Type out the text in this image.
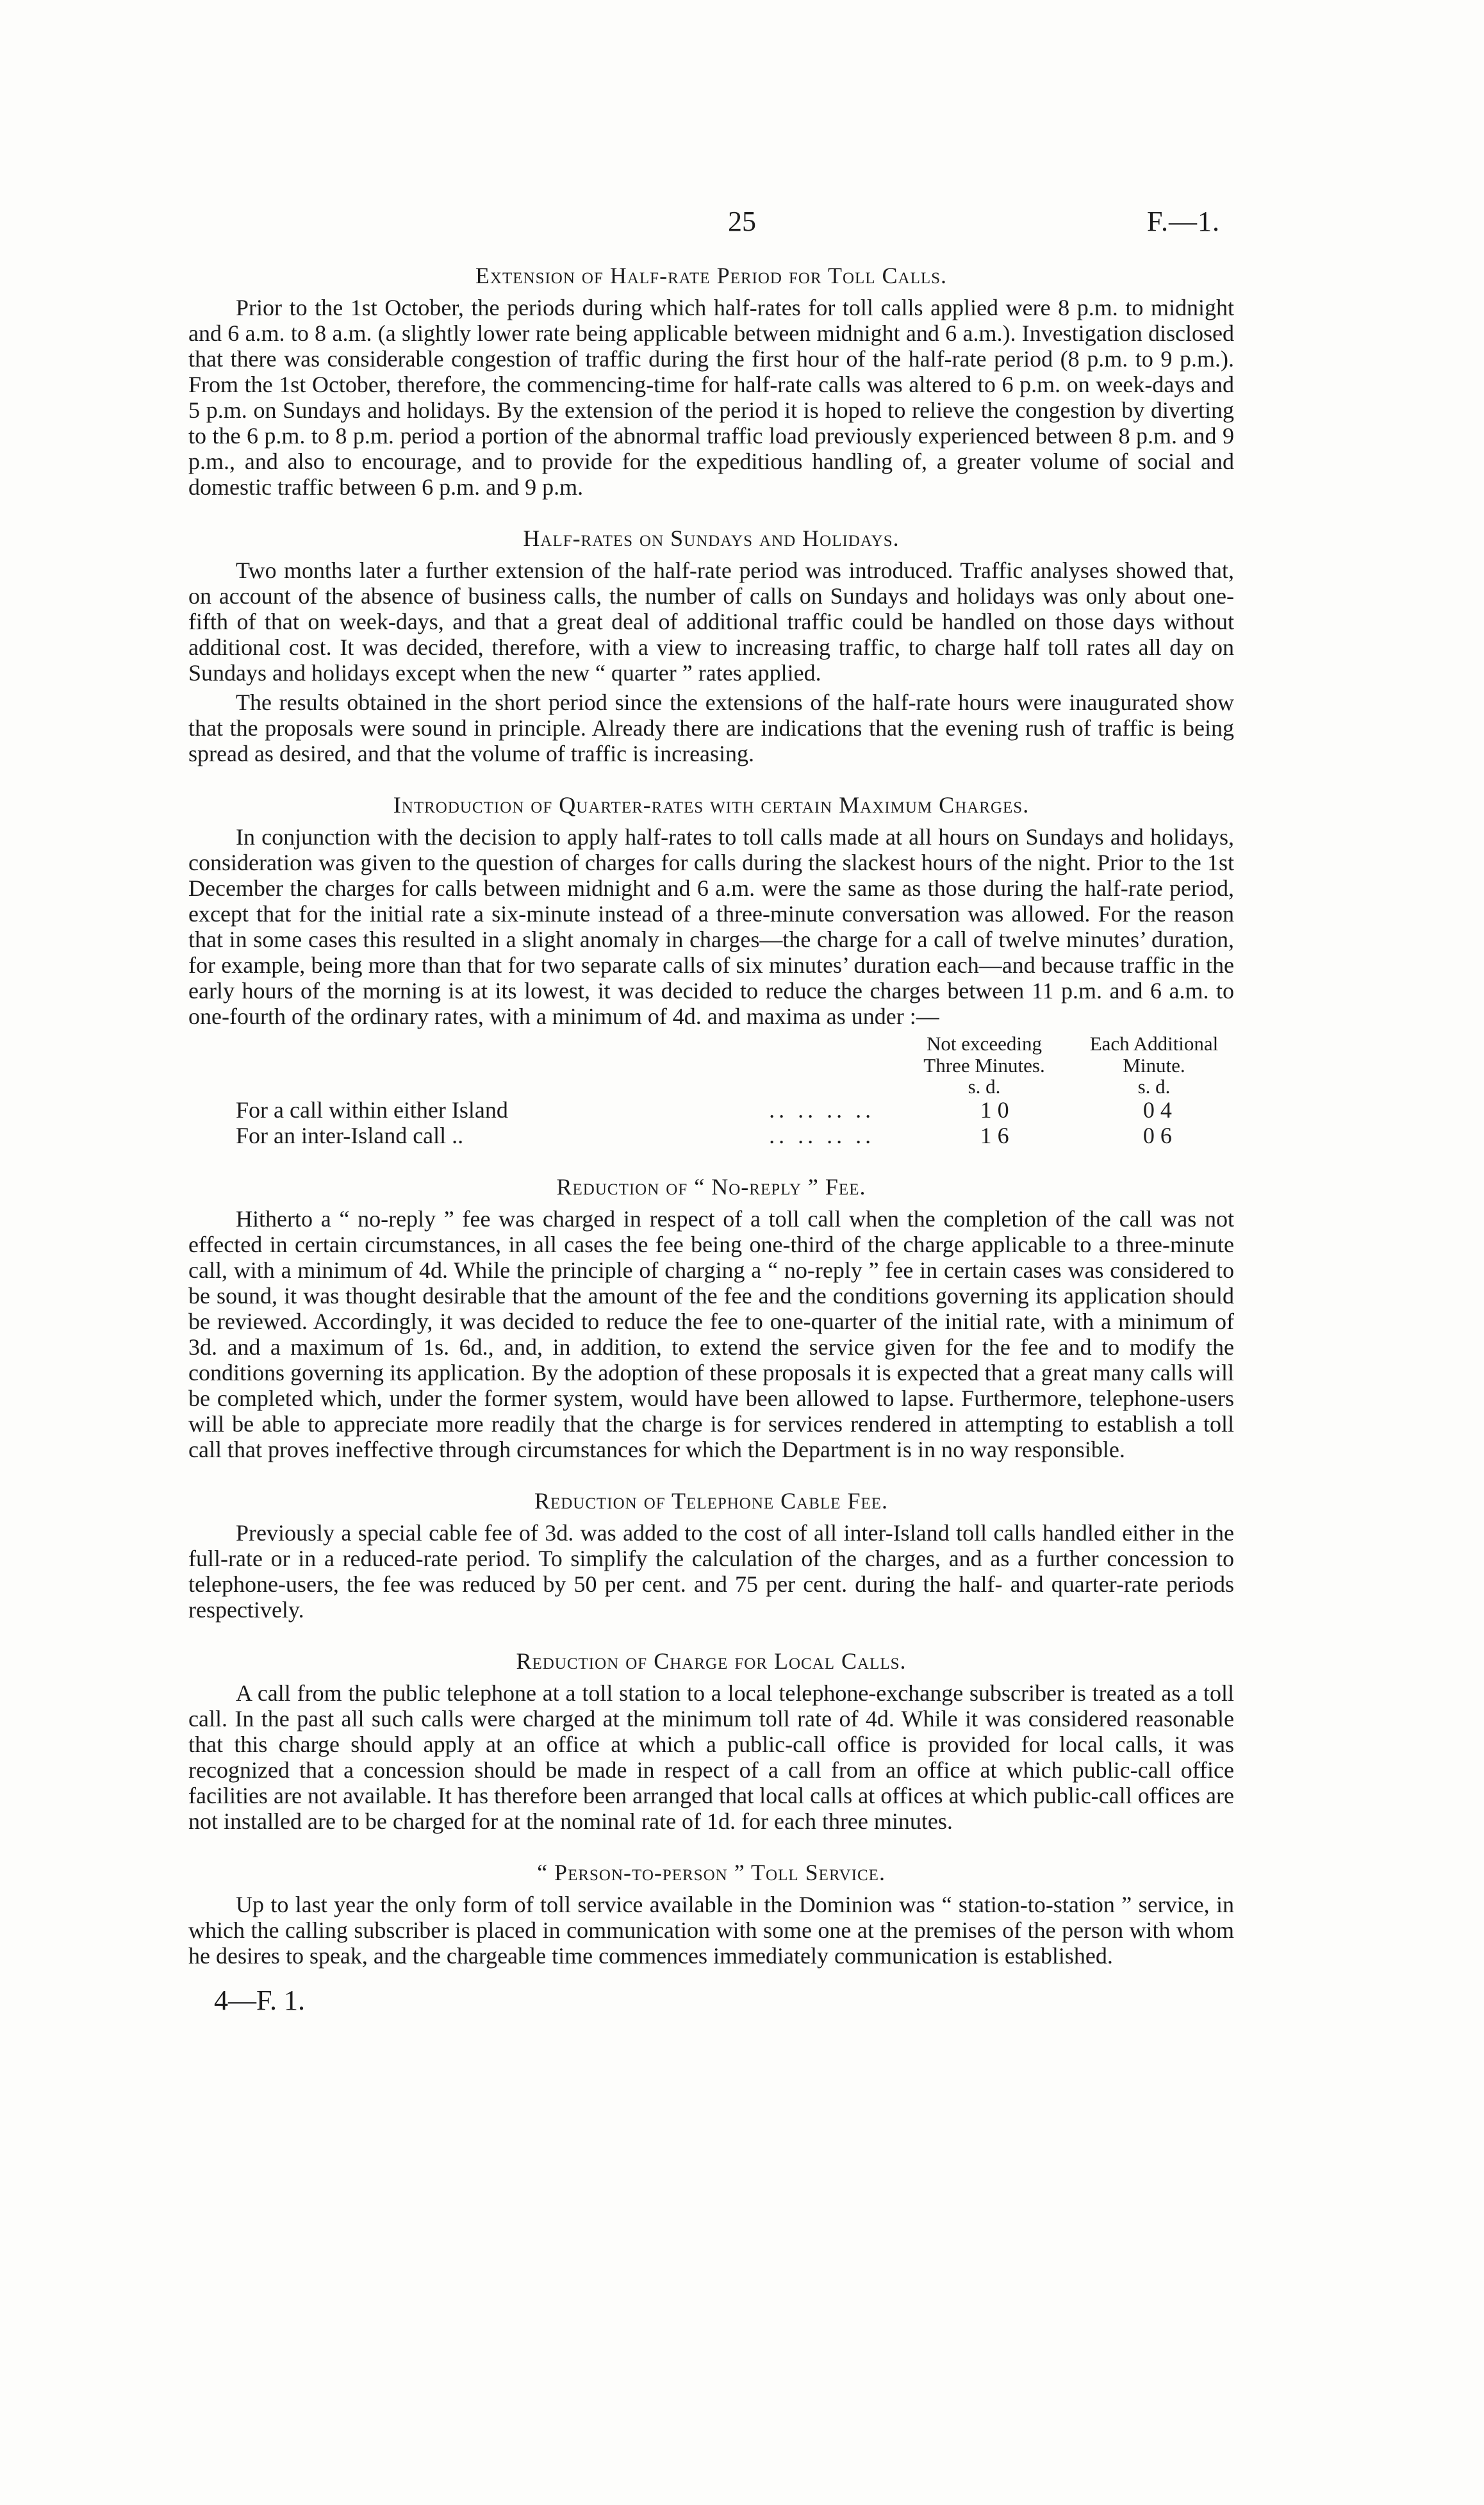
25	F.—1.
Extension of Half-rate Period for Toll Calls.

Prior to the 1st October, the periods during which half-rates for toll calls applied were 8 p.m. to midnight and 6 a.m. to 8 a.m. (a slightly lower rate being applicable between midnight and 6 a.m.). Investigation disclosed that there was considerable congestion of traffic during the first hour of the half-rate period (8 p.m. to 9 p.m.). From the 1st October, therefore, the commencing-time for half-rate calls was altered to 6 p.m. on week-days and 5 p.m. on Sundays and holidays. By the extension of the period it is hoped to relieve the congestion by diverting to the 6 p.m. to 8 p.m. period a portion of the abnormal traffic load previously experienced between 8 p.m. and 9 p.m., and also to encourage, and to provide for the expeditious handling of, a greater volume of social and domestic traffic between 6 p.m. and 9 p.m.

Half-rates on Sundays and Holidays.

Two months later a further extension of the half-rate period was introduced. Traffic analyses showed that, on account of the absence of business calls, the number of calls on Sundays and holidays was only about one-fifth of that on week-days, and that a great deal of additional traffic could be handled on those days without additional cost. It was decided, therefore, with a view to increasing traffic, to charge half toll rates all day on Sundays and holidays except when the new “ quarter ” rates applied.

The results obtained in the short period since the extensions of the half-rate hours were inaugurated show that the proposals were sound in principle. Already there are indications that the evening rush of traffic is being spread as desired, and that the volume of traffic is increasing.

Introduction of Quarter-rates with certain Maximum Charges.

In conjunction with the decision to apply half-rates to toll calls made at all hours on Sundays and holidays, consideration was given to the question of charges for calls during the slackest hours of the night. Prior to the 1st December the charges for calls between midnight and 6 a.m. were the same as those during the half-rate period, except that for the initial rate a six-minute instead of a three-minute conversation was allowed. For the reason that in some cases this resulted in a slight anomaly in charges—the charge for a call of twelve minutes’ duration, for example, being more than that for two separate calls of six minutes’ duration each—and because traffic in the early hours of the morning is at its lowest, it was decided to reduce the charges between 11 p.m. and 6 a.m. to one-fourth of the ordinary rates, with a minimum of 4d. and maxima as under :—

Not exceeding
Three Minutes.
Each Additional
Minute.
s. d.	s. d.
For a call within either Island	.. .. .. ..	1 0	0 4
For an inter-Island call ..	.. .. .. ..	1 6	0 6
Reduction of “ No-reply ” Fee.

Hitherto a “ no-reply ” fee was charged in respect of a toll call when the completion of the call was not effected in certain circumstances, in all cases the fee being one-third of the charge applicable to a three-minute call, with a minimum of 4d. While the principle of charging a “ no-reply ” fee in certain cases was considered to be sound, it was thought desirable that the amount of the fee and the conditions governing its application should be reviewed. Accordingly, it was decided to reduce the fee to one-quarter of the initial rate, with a minimum of 3d. and a maximum of 1s. 6d., and, in addition, to extend the service given for the fee and to modify the conditions governing its application. By the adoption of these proposals it is expected that a great many calls will be completed which, under the former system, would have been allowed to lapse. Furthermore, telephone-users will be able to appreciate more readily that the charge is for services rendered in attempting to establish a toll call that proves ineffective through circumstances for which the Department is in no way responsible.

Reduction of Telephone Cable Fee.

Previously a special cable fee of 3d. was added to the cost of all inter-Island toll calls handled either in the full-rate or in a reduced-rate period. To simplify the calculation of the charges, and as a further concession to telephone-users, the fee was reduced by 50 per cent. and 75 per cent. during the half- and quarter-rate periods respectively.

Reduction of Charge for Local Calls.

A call from the public telephone at a toll station to a local telephone-exchange subscriber is treated as a toll call. In the past all such calls were charged at the minimum toll rate of 4d. While it was considered reasonable that this charge should apply at an office at which a public-call office is provided for local calls, it was recognized that a concession should be made in respect of a call from an office at which public-call office facilities are not available. It has therefore been arranged that local calls at offices at which public-call offices are not installed are to be charged for at the nominal rate of 1d. for each three minutes.

“ Person-to-person ” Toll Service.

Up to last year the only form of toll service available in the Dominion was “ station-to-station ” service, in which the calling subscriber is placed in communication with some one at the premises of the person with whom he desires to speak, and the chargeable time commences immediately communication is established.

4—F. 1.
